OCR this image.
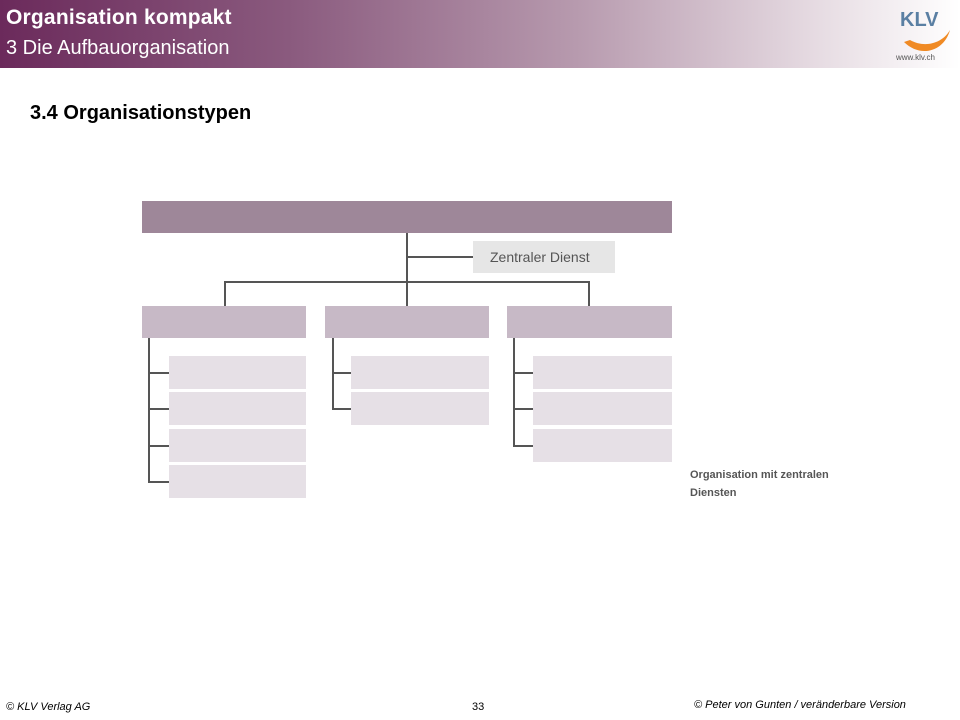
Organisation kompakt
3 Die Aufbauorganisation
KLV
www.klv.ch
3.4 Organisationstypen
Zentraler Dienst
Organisation mit zentralen
Diensten
© KLV Verlag AG	33	© Peter von Gunten / veränderbare Version
